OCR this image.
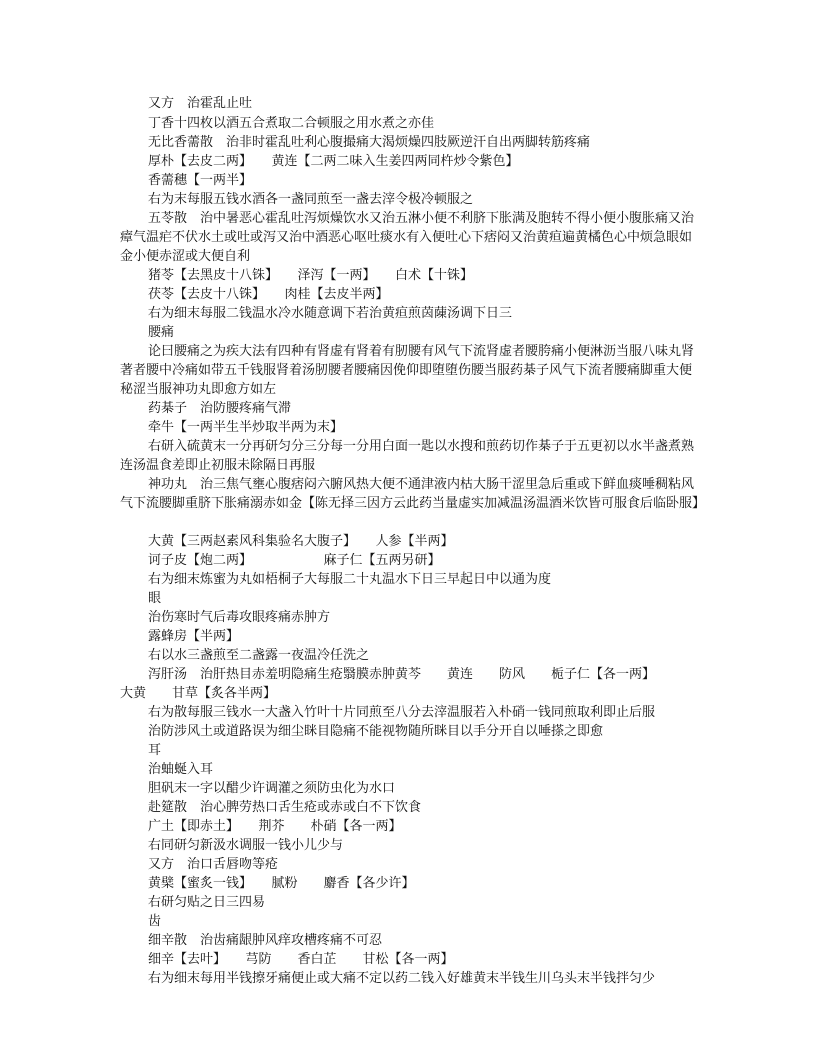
又方　治霍乱止吐
丁香十四枚以酒五合煮取二合顿服之用水煮之亦佳
无比香薷散　治非时霍乱吐利心腹撮痛大渴烦燥四肢厥逆汗自出两脚转筋疼痛
厚朴【去皮二两】　　黄连【二两二味入生姜四两同杵炒令紫色】
香薷穗【一两半】
右为末每服五钱水酒各一盏同煎至一盏去滓令极冷顿服之
五苓散　治中暑恶心霍乱吐泻烦燥饮水又治五淋小便不利脐下胀满及胞转不得小便小腹胀痛又治瘴气温疟不伏水土或吐或泻又治中酒恶心呕吐痰水有入便吐心下痞闷又治黄疸遍黄橘色心中烦急眼如金小便赤涩或大便自利
猪苓【去黑皮十八铢】　　泽泻【一两】　　白术【十铢】
茯苓【去皮十八铢】　　肉桂【去皮半两】
右为细末每服二钱温水冷水随意调下若治黄疸煎茵蔯汤调下日三
腰痛
论曰腰痛之为疾大法有四种有肾虚有肾着有肕腰有风气下流肾虚者腰胯痛小便淋沥当服八味丸肾著者腰中冷痛如带五千钱服肾着汤肕腰者腰痛因俛仰即堕堕伤腰当服药棊子风气下流者腰痛脚重大便秘涩当服神功丸即愈方如左
药棊子　治防腰疼痛气滞
牵牛【一两半生半炒取半两为末】
右研入硫黄末一分再研匀分三分每一分用白面一匙以水搜和煎药切作棊子于五更初以水半盏煮熟连汤温食差即止初服未除隔日再服
神功丸　治三焦气壅心腹痞闷六腑风热大便不通津液内枯大肠干涩里急后重或下鲜血痰唾稠粘风气下流腰脚重脐下胀痛溺赤如金【陈无择三因方云此药当量虚实加减温汤温酒米饮皆可服食后临卧服】
大黄【三两赵素风科集验名大腹子】　　人参【半两】
诃子皮【炮二两】　　　　　　麻子仁【五两另研】
右为细末炼蜜为丸如梧桐子大每服二十丸温水下日三早起日中以通为度
眼
治伤寒时气后毒攻眼疼痛赤肿方
露蜂房【半两】
右以水三盏煎至二盏露一夜温冷任洗之
泻肝汤　治肝热目赤羞明隐痛生疮翳膜赤肿黄芩　　黄连　　防风　　栀子仁【各一两】
大黄　　甘草【炙各半两】
右为散每服三钱水一大盏入竹叶十片同煎至八分去滓温服若入朴硝一钱同煎取利即止后服
治防涉风土或道路误为细尘眯目隐痛不能视物随所眯目以手分开自以唾搽之即愈
耳
治蚰蜒入耳
胆矾末一字以醋少许调灌之须防虫化为水口
赴筵散　治心脾劳热口舌生疮或赤或白不下饮食
广土【即赤土】　　荆芥　　朴硝【各一两】
右同研匀新汲水调服一钱小儿少与
又方　治口舌唇吻等疮
黄檗【蜜炙一钱】　　腻粉　　麝香【各少许】
右研匀贴之日三四易
齿
细辛散　治齿痛龈肿风痒攻槽疼痛不可忍
细辛【去叶】　　芎防　　香白芷　　甘松【各一两】
右为细末每用半钱擦牙痛便止或大痛不定以药二钱入好雄黄末半钱生川乌头末半钱拌匀少
